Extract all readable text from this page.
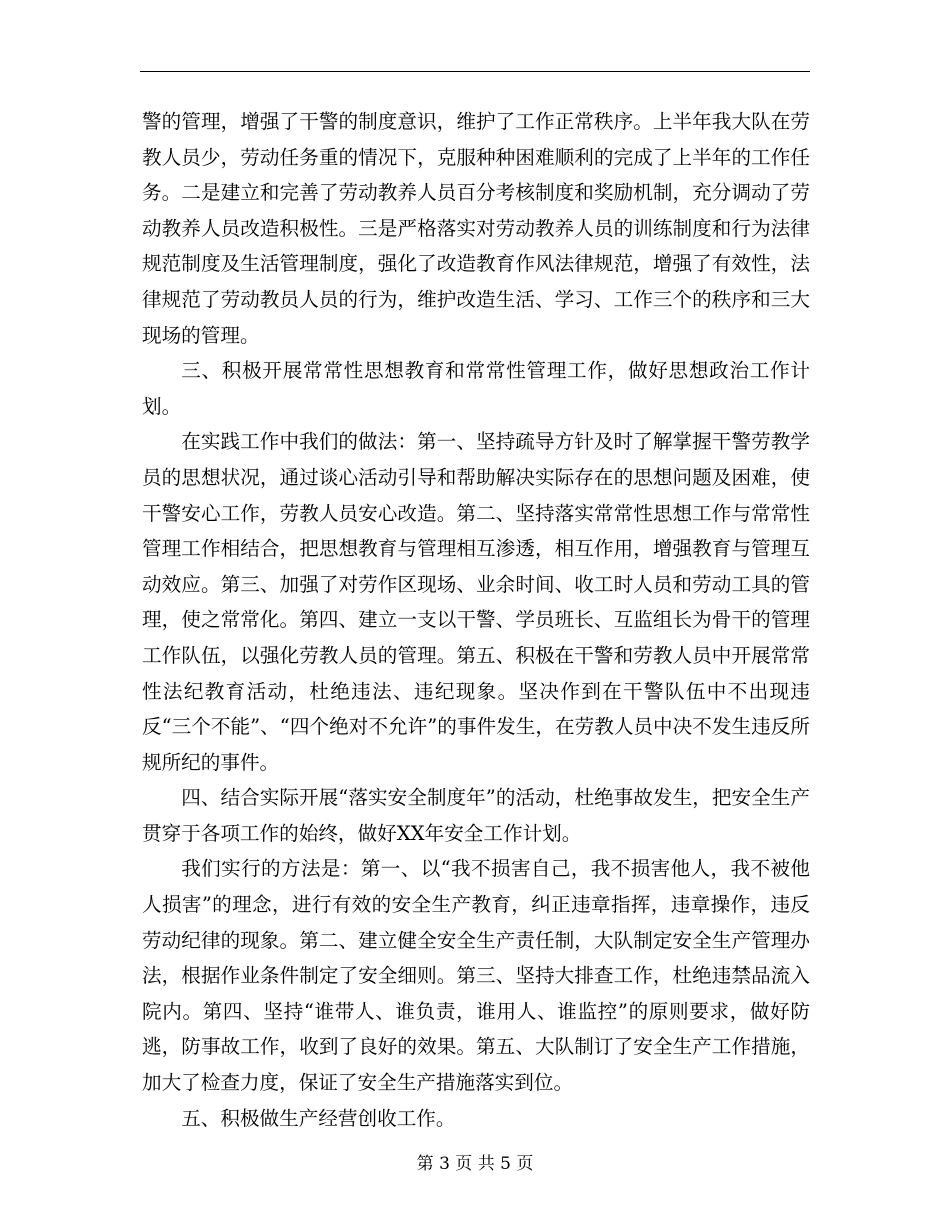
警的管理，增强了干警的制度意识，维护了工作正常秩序。上半年我大队在劳教人员少，劳动任务重的情况下，克服种种困难顺利的完成了上半年的工作任务。二是建立和完善了劳动教养人员百分考核制度和奖励机制，充分调动了劳动教养人员改造积极性。三是严格落实对劳动教养人员的训练制度和行为法律规范制度及生活管理制度，强化了改造教育作风法律规范，增强了有效性，法律规范了劳动教员人员的行为，维护改造生活、学习、工作三个的秩序和三大现场的管理。

三、积极开展常常性思想教育和常常性管理工作，做好思想政治工作计划。

在实践工作中我们的做法：第一、坚持疏导方针及时了解掌握干警劳教学员的思想状况，通过谈心活动引导和帮助解决实际存在的思想问题及困难，使干警安心工作，劳教人员安心改造。第二、坚持落实常常性思想工作与常常性管理工作相结合，把思想教育与管理相互渗透，相互作用，增强教育与管理互动效应。第三、加强了对劳作区现场、业余时间、收工时人员和劳动工具的管理，使之常常化。第四、建立一支以干警、学员班长、互监组长为骨干的管理工作队伍，以强化劳教人员的管理。第五、积极在干警和劳教人员中开展常常性法纪教育活动，杜绝违法、违纪现象。坚决作到在干警队伍中不出现违反“三个不能”、“四个绝对不允许”的事件发生，在劳教人员中决不发生违反所规所纪的事件。

四、结合实际开展“落实安全制度年”的活动，杜绝事故发生，把安全生产贯穿于各项工作的始终，做好XX年安全工作计划。

我们实行的方法是：第一、以“我不损害自己，我不损害他人，我不被他人损害”的理念，进行有效的安全生产教育，纠正违章指挥，违章操作，违反劳动纪律的现象。第二、建立健全安全生产责任制，大队制定安全生产管理办法，根据作业条件制定了安全细则。第三、坚持大排查工作，杜绝违禁品流入院内。第四、坚持“谁带人、谁负责，谁用人、谁监控”的原则要求，做好防逃，防事故工作，收到了良好的效果。第五、大队制订了安全生产工作措施，加大了检查力度，保证了安全生产措施落实到位。

五、积极做生产经营创收工作。

第 3 页 共 5 页
